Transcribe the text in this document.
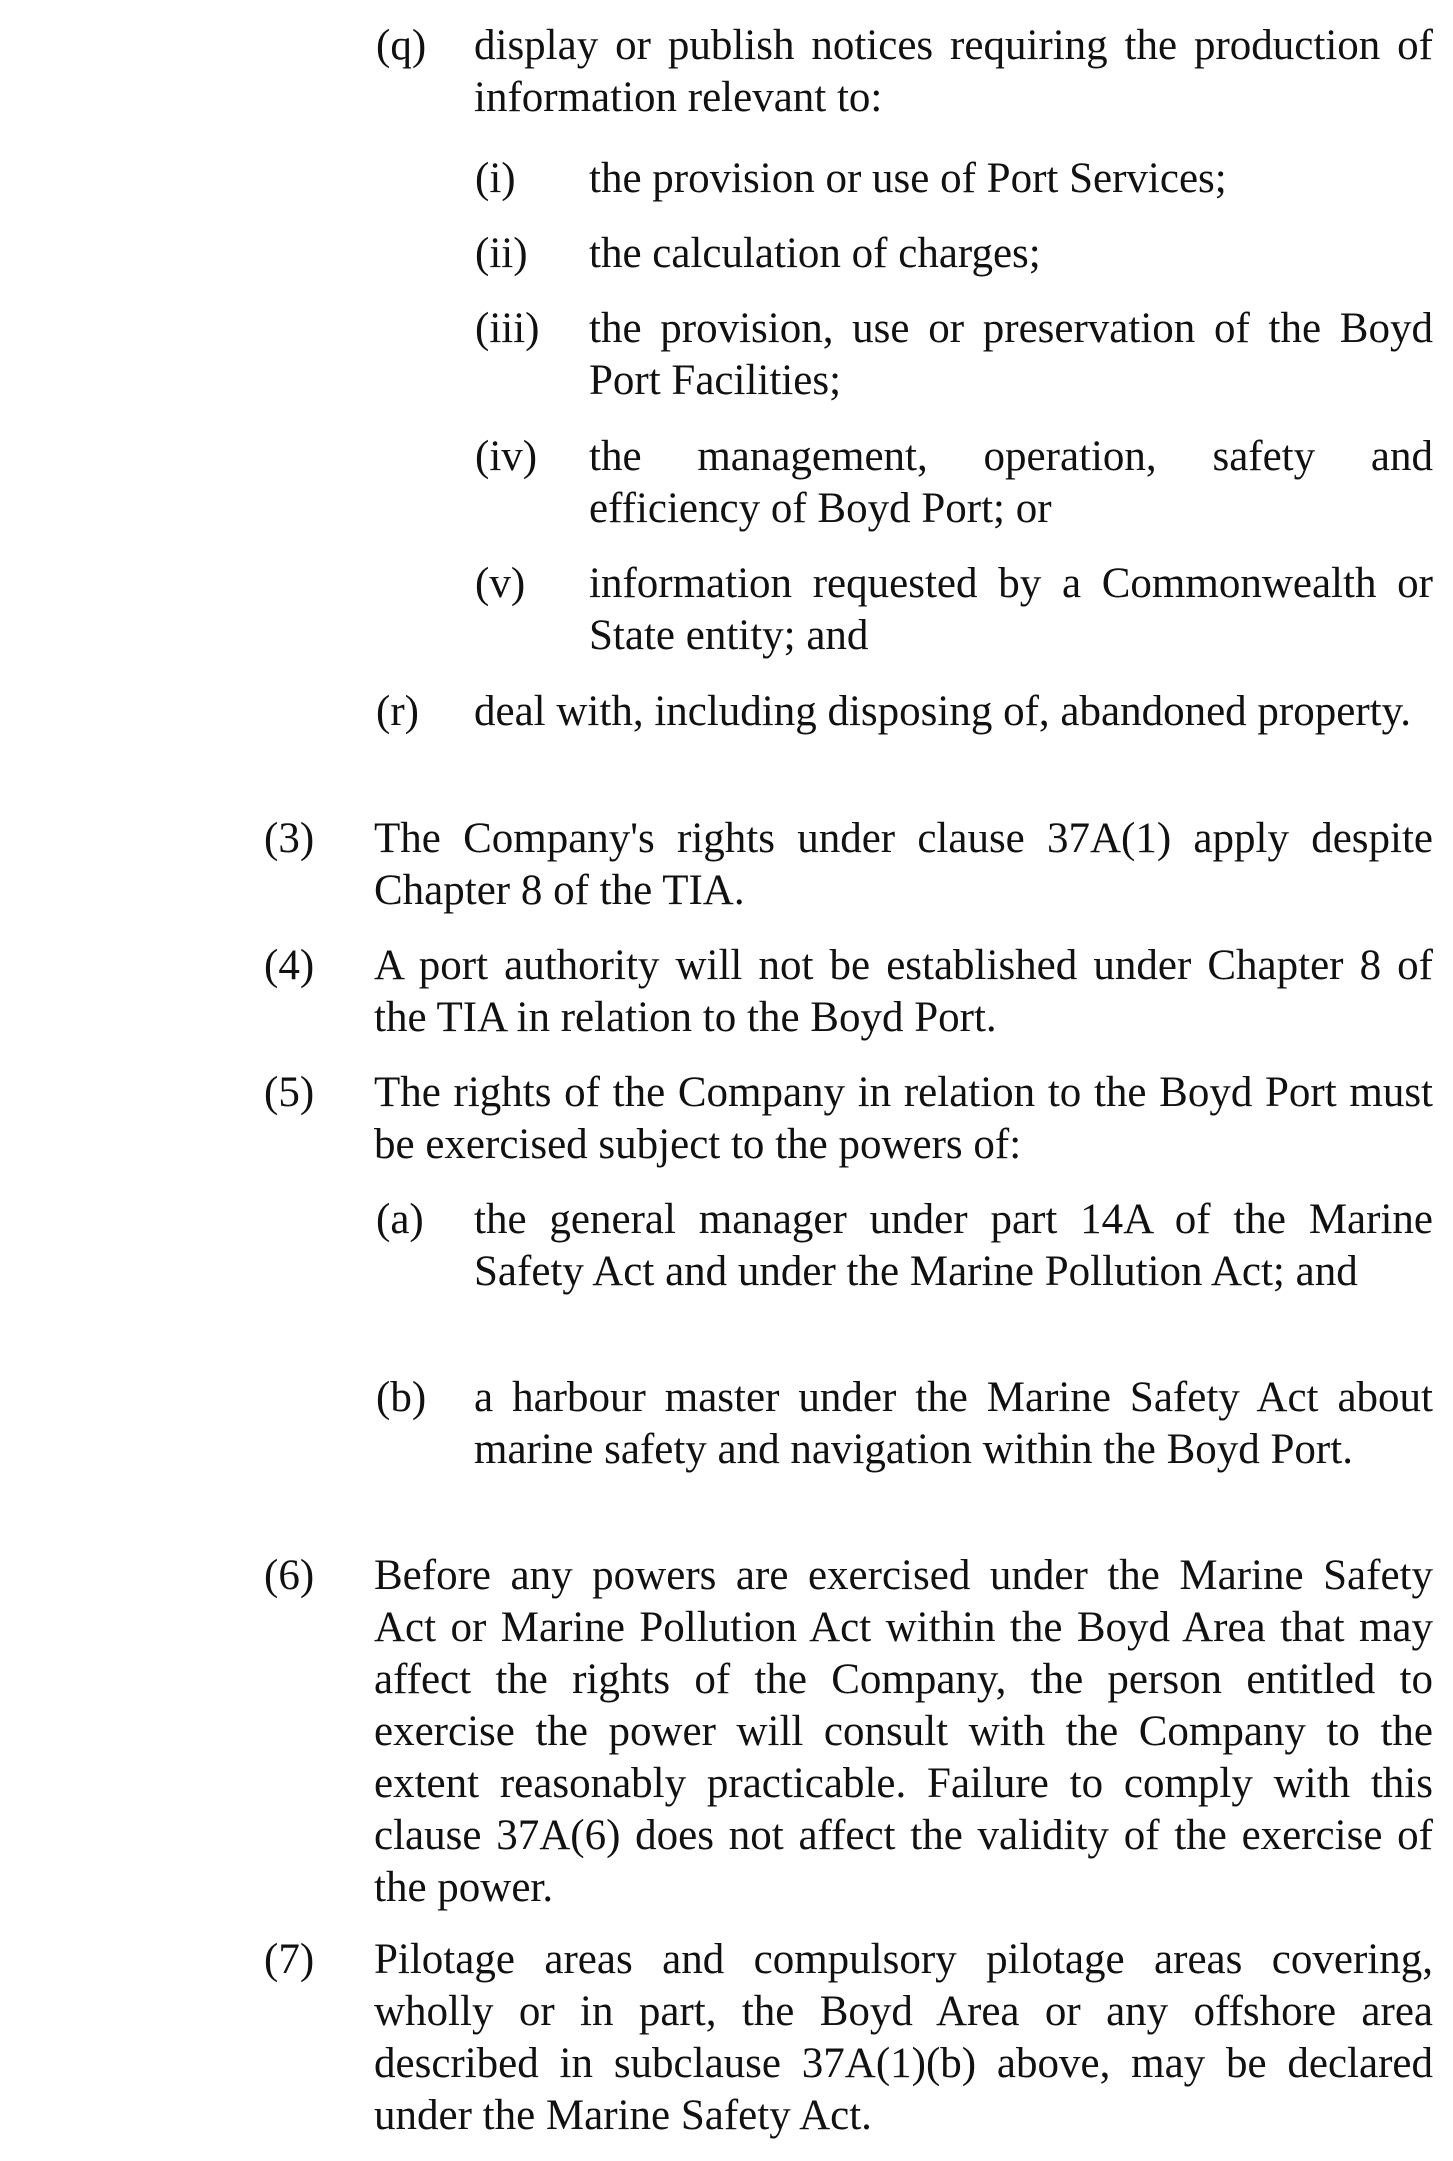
(q) display or publish notices requiring the production of information relevant to:
(i) the provision or use of Port Services;
(ii) the calculation of charges;
(iii) the provision, use or preservation of the Boyd Port Facilities;
(iv) the management, operation, safety and efficiency of Boyd Port; or
(v) information requested by a Commonwealth or State entity; and
(r) deal with, including disposing of, abandoned property.
(3) The Company's rights under clause 37A(1) apply despite Chapter 8 of the TIA.
(4) A port authority will not be established under Chapter 8 of the TIA in relation to the Boyd Port.
(5) The rights of the Company in relation to the Boyd Port must be exercised subject to the powers of:
(a) the general manager under part 14A of the Marine Safety Act and under the Marine Pollution Act; and
(b) a harbour master under the Marine Safety Act about marine safety and navigation within the Boyd Port.
(6) Before any powers are exercised under the Marine Safety Act or Marine Pollution Act within the Boyd Area that may affect the rights of the Company, the person entitled to exercise the power will consult with the Company to the extent reasonably practicable. Failure to comply with this clause 37A(6) does not affect the validity of the exercise of the power.
(7) Pilotage areas and compulsory pilotage areas covering, wholly or in part, the Boyd Area or any offshore area described in subclause 37A(1)(b) above, may be declared under the Marine Safety Act.
